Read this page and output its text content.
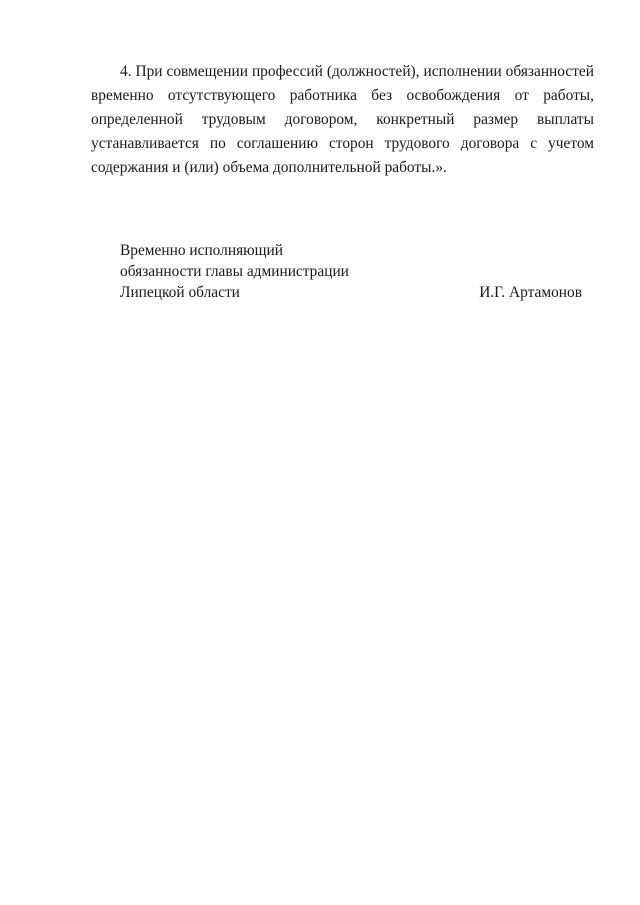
4. При совмещении профессий (должностей), исполнении обязанностей
временно отсутствующего работника без освобождения от работы,
определенной трудовым договором, конкретный размер выплаты
устанавливается по соглашению сторон трудового договора с учетом
содержания и (или) объема дополнительной работы.».

Временно исполняющий
обязанности главы администрации
Липецкой области	И.Г. Артамонов
